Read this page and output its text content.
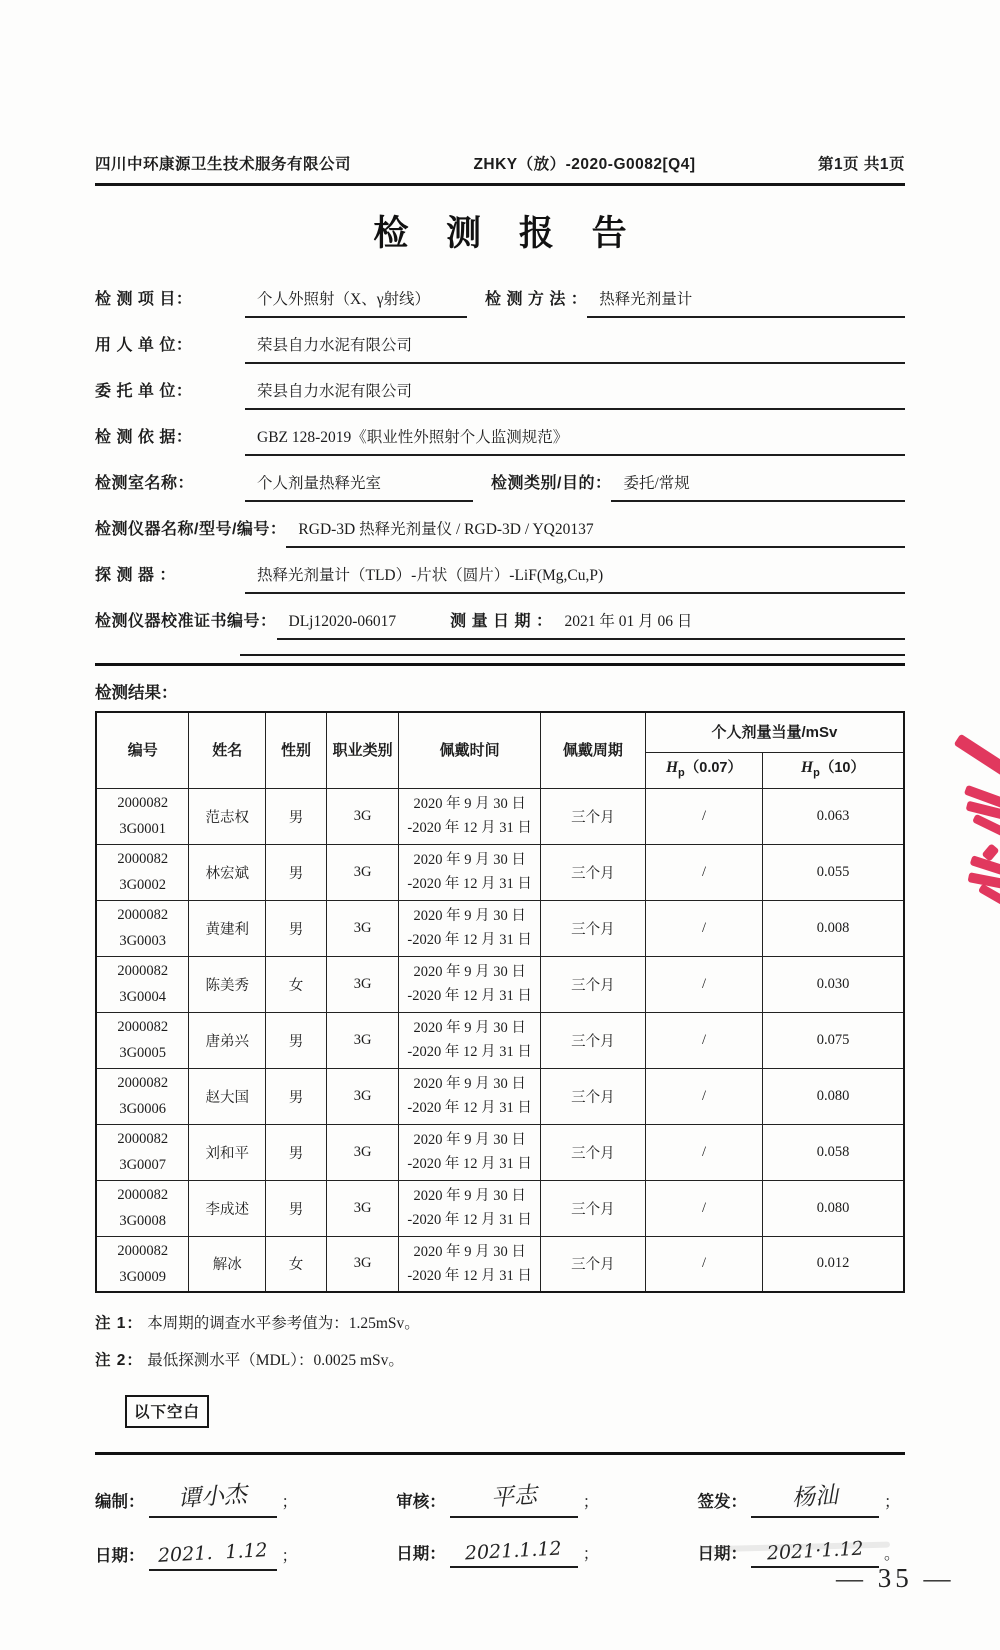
四川中环康源卫生技术服务有限公司	ZHKY（放）-2020-G0082[Q4]	第1页 共1页
检 测 报 告
检 测 项 目：	个人外照射（X、γ射线）	检 测 方 法 ： 热释光剂量计
用 人 单 位：	荣县自力水泥有限公司
委 托 单 位：	荣县自力水泥有限公司
检 测 依 据：	GBZ 128-2019《职业性外照射个人监测规范》
检测室名称：	个人剂量热释光室	检测类别/目的： 委托/常规
检测仪器名称/型号/编号： RGD-3D 热释光剂量仪 / RGD-3D / YQ20137
探 测 器 ：	热释光剂量计（TLD）-片状（圆片）-LiF(Mg,Cu,P)
检测仪器校准证书编号： DLj12020-06017	测 量 日 期 ： 2021 年 01 月 06 日
检测结果：
编号	姓名	性别	职业类别	佩戴时间	佩戴周期	个人剂量当量/mSv	
						$H_p(0.07)$	$H_p(10)$

2000082
3G0001	范志权	男	3G	2020 年 9 月 30 日
-2020 年 12 月 31 日	三个月	/	0.063

2000082
3G0002	林宏斌	男	3G	2020 年 9 月 30 日
-2020 年 12 月 31 日	三个月	/	0.055

2000082
3G0003	黄建利	男	3G	2020 年 9 月 30 日
-2020 年 12 月 31 日	三个月	/	0.008

2000082
3G0004	陈美秀	女	3G	2020 年 9 月 30 日
-2020 年 12 月 31 日	三个月	/	0.030

2000082
3G0005	唐弟兴	男	3G	2020 年 9 月 30 日
-2020 年 12 月 31 日	三个月	/	0.075

2000082
3G0006	赵大国	男	3G	2020 年 9 月 30 日
-2020 年 12 月 31 日	三个月	/	0.080

2000082
3G0007	刘和平	男	3G	2020 年 9 月 30 日
-2020 年 12 月 31 日	三个月	/	0.058

2000082
3G0008	李成述	男	3G	2020 年 9 月 30 日
-2020 年 12 月 31 日	三个月	/	0.080

2000082
3G0009	解冰	女	3G	2020 年 9 月 30 日
-2020 年 12 月 31 日	三个月	/	0.012
注 1： 本周期的调查水平参考值为：1.25mSv。
注 2： 最低探测水平（MDL）：0.0025 mSv。
以下空白
编制：	谭小杰	；
日期： 2021．1.12 ；
审核：	平志	；
日期：	2021.1.12	；
签发：	杨汕	；
日期：	2021·1.12	。
— 35 —
